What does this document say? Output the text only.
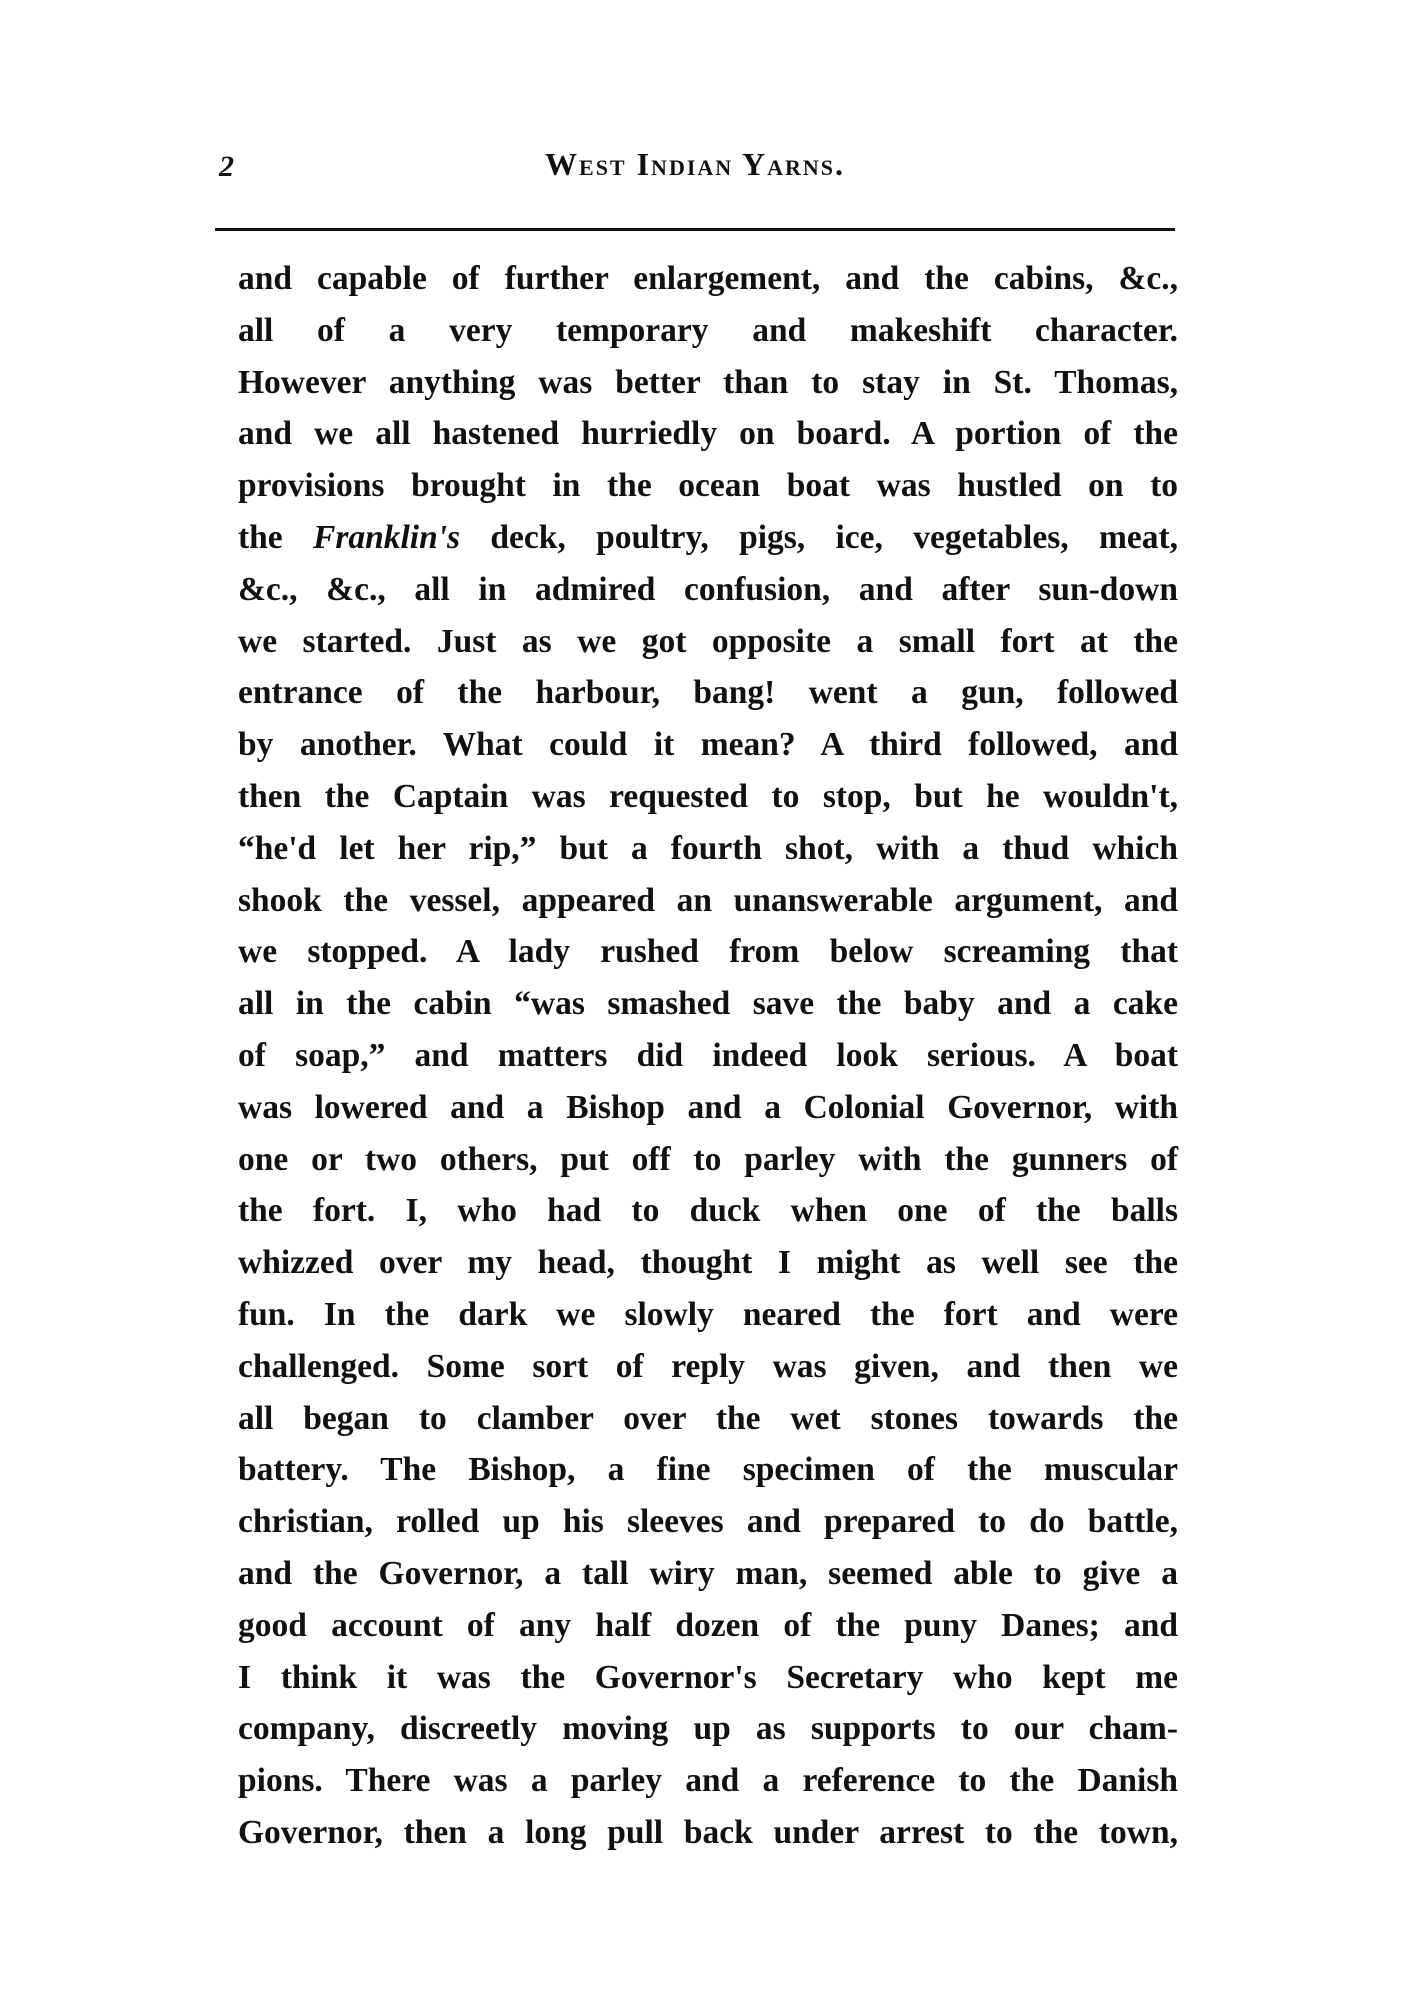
2	West Indian Yarns.
and capable of further enlargement, and the cabins, &c.,
all of a very temporary and makeshift character.
However anything was better than to stay in St. Thomas,
and we all hastened hurriedly on board. A portion of the
provisions brought in the ocean boat was hustled on to
the Franklin's deck, poultry, pigs, ice, vegetables, meat,
&c., &c., all in admired confusion, and after sun-down
we started. Just as we got opposite a small fort at the
entrance of the harbour, bang! went a gun, followed
by another. What could it mean? A third followed, and
then the Captain was requested to stop, but he wouldn't,
“he'd let her rip,” but a fourth shot, with a thud which
shook the vessel, appeared an unanswerable argument, and
we stopped. A lady rushed from below screaming that
all in the cabin “was smashed save the baby and a cake
of soap,” and matters did indeed look serious. A boat
was lowered and a Bishop and a Colonial Governor, with
one or two others, put off to parley with the gunners of
the fort. I, who had to duck when one of the balls
whizzed over my head, thought I might as well see the
fun. In the dark we slowly neared the fort and were
challenged. Some sort of reply was given, and then we
all began to clamber over the wet stones towards the
battery. The Bishop, a fine specimen of the muscular
christian, rolled up his sleeves and prepared to do battle,
and the Governor, a tall wiry man, seemed able to give a
good account of any half dozen of the puny Danes; and
I think it was the Governor's Secretary who kept me
company, discreetly moving up as supports to our cham-
pions. There was a parley and a reference to the Danish
Governor, then a long pull back under arrest to the town,
